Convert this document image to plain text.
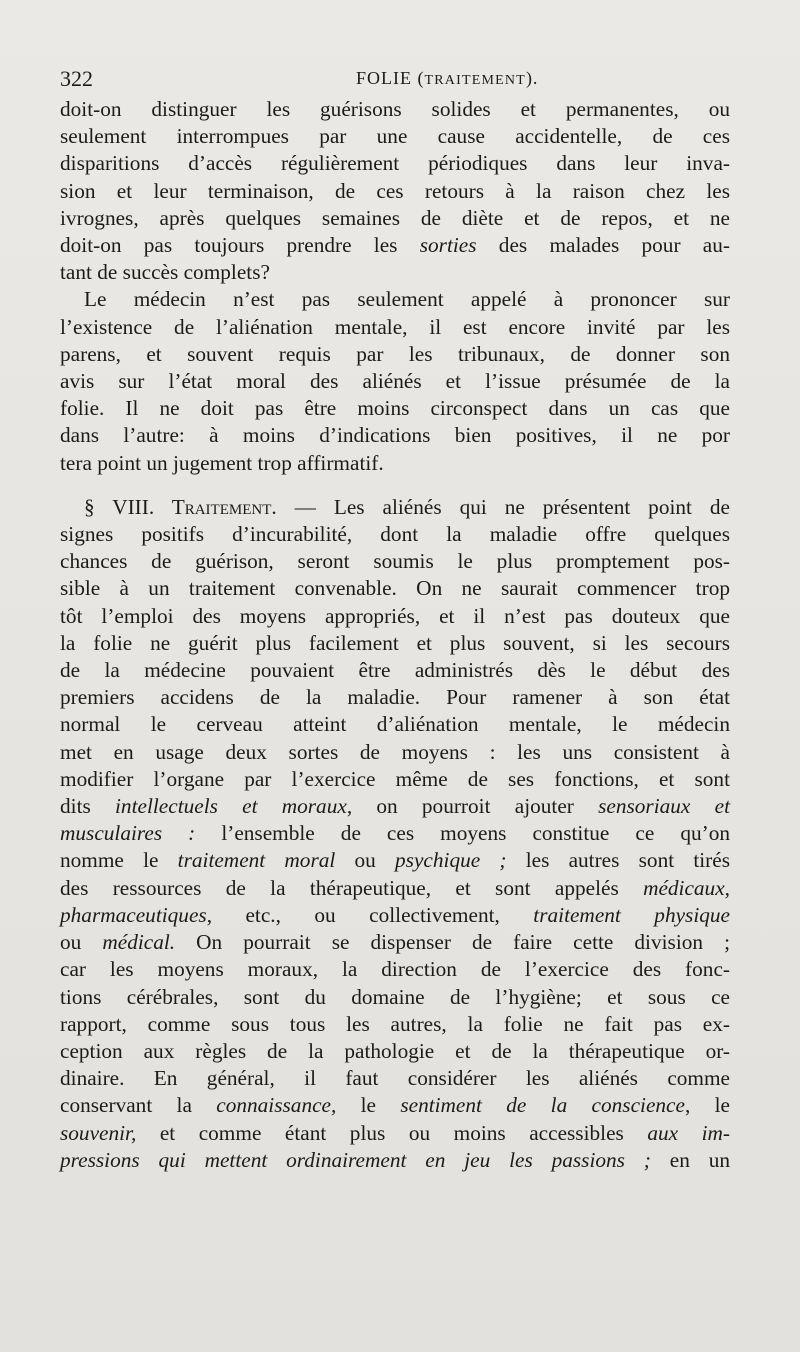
322	FOLIE (TRAITEMENT).

doit-on distinguer les guérisons solides et permanentes, ou
seulement interrompues par une cause accidentelle, de ces
disparitions d’accès régulièrement périodiques dans leur inva-
sion et leur terminaison, de ces retours à la raison chez les
ivrognes, après quelques semaines de diète et de repos, et ne
doit-on pas toujours prendre les sorties des malades pour au-
tant de succès complets?

Le médecin n’est pas seulement appelé à prononcer sur
l’existence de l’aliénation mentale, il est encore invité par les
parens, et souvent requis par les tribunaux, de donner son
avis sur l’état moral des aliénés et l’issue présumée de la
folie. Il ne doit pas être moins circonspect dans un cas que
dans l’autre: à moins d’indications bien positives, il ne por
tera point un jugement trop affirmatif.

§ VIII. Traitement. — Les aliénés qui ne présentent point de
signes positifs d’incurabilité, dont la maladie offre quelques
chances de guérison, seront soumis le plus promptement pos-
sible à un traitement convenable. On ne saurait commencer trop
tôt l’emploi des moyens appropriés, et il n’est pas douteux que
la folie ne guérit plus facilement et plus souvent, si les secours
de la médecine pouvaient être administrés dès le début des
premiers accidens de la maladie. Pour ramener à son état
normal le cerveau atteint d’aliénation mentale, le médecin
met en usage deux sortes de moyens : les uns consistent à
modifier l’organe par l’exercice même de ses fonctions, et sont
dits intellectuels et moraux, on pourroit ajouter sensoriaux et
musculaires : l’ensemble de ces moyens constitue ce qu’on
nomme le traitement moral ou psychique ; les autres sont tirés
des ressources de la thérapeutique, et sont appelés médicaux,
pharmaceutiques, etc., ou collectivement, traitement physique
ou médical. On pourrait se dispenser de faire cette division ;
car les moyens moraux, la direction de l’exercice des fonc-
tions cérébrales, sont du domaine de l’hygiène; et sous ce
rapport, comme sous tous les autres, la folie ne fait pas ex-
ception aux règles de la pathologie et de la thérapeutique or-
dinaire. En général, il faut considérer les aliénés comme
conservant la connaissance, le sentiment de la conscience, le
souvenir, et comme étant plus ou moins accessibles aux im-
pressions qui mettent ordinairement en jeu les passions ; en un
